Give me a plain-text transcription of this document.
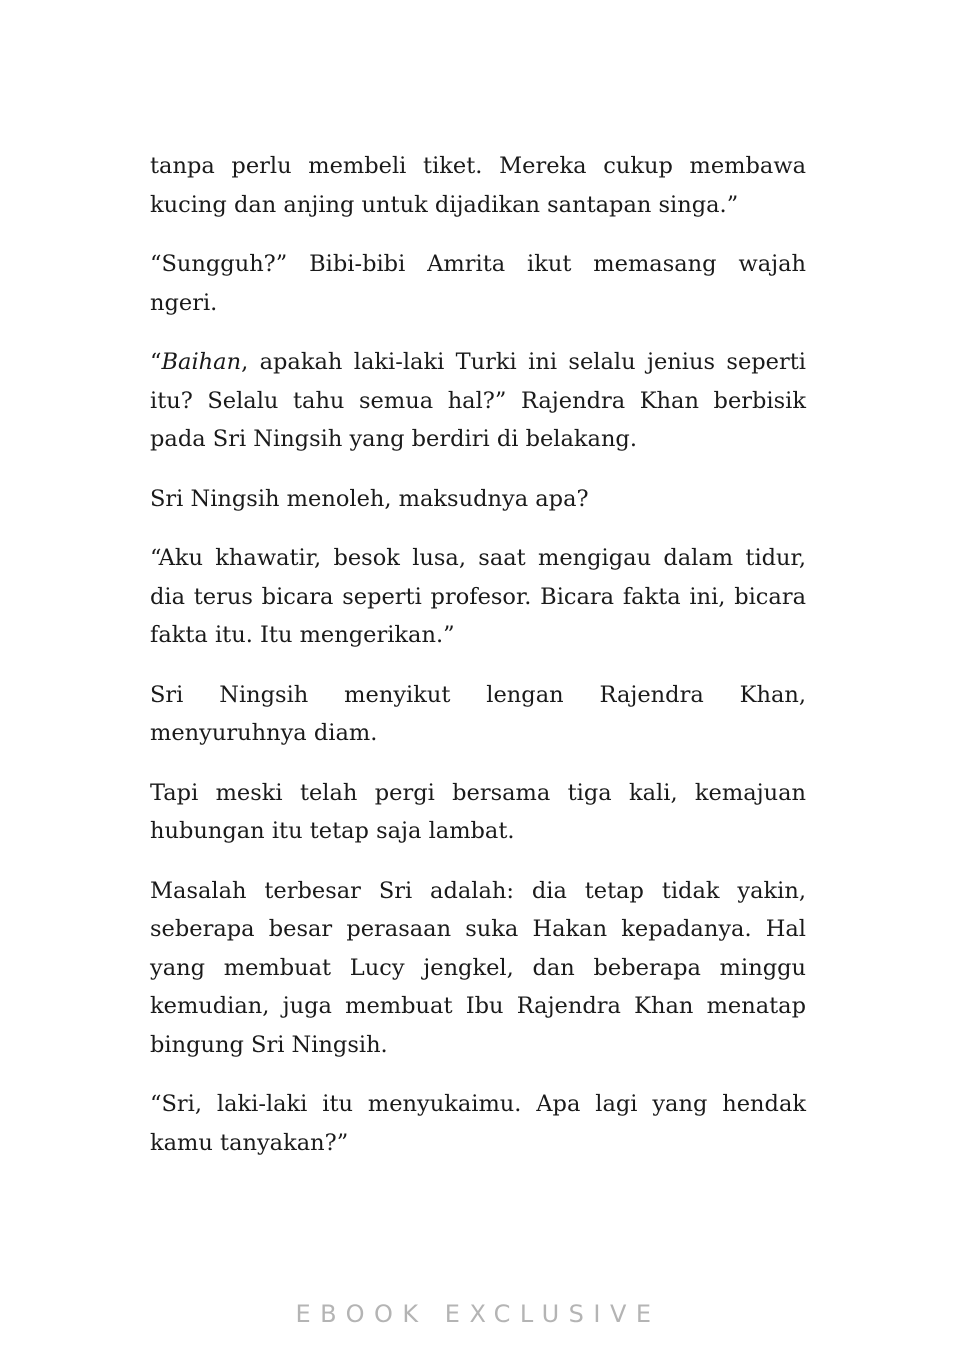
tanpa perlu membeli tiket. Mereka cukup membawa kucing dan anjing untuk dijadikan santapan singa.”

“Sungguh?” Bibi-bibi Amrita ikut memasang wajah ngeri.

“Baihan, apakah laki-laki Turki ini selalu jenius seperti itu? Selalu tahu semua hal?” Rajendra Khan berbisik pada Sri Ningsih yang berdiri di belakang.

Sri Ningsih menoleh, maksudnya apa?

“Aku khawatir, besok lusa, saat mengigau dalam tidur, dia terus bicara seperti profesor. Bicara fakta ini, bicara fakta itu. Itu mengerikan.”

Sri Ningsih menyikut lengan Rajendra Khan, menyuruhnya diam.

Tapi meski telah pergi bersama tiga kali, kemajuan hubungan itu tetap saja lambat.

Masalah terbesar Sri adalah: dia tetap tidak yakin, seberapa besar perasaan suka Hakan kepadanya. Hal yang membuat Lucy jengkel, dan beberapa minggu kemudian, juga membuat Ibu Rajendra Khan menatap bingung Sri Ningsih.

“Sri, laki-laki itu menyukaimu. Apa lagi yang hendak kamu tanyakan?”

EBOOK EXCLUSIVE
